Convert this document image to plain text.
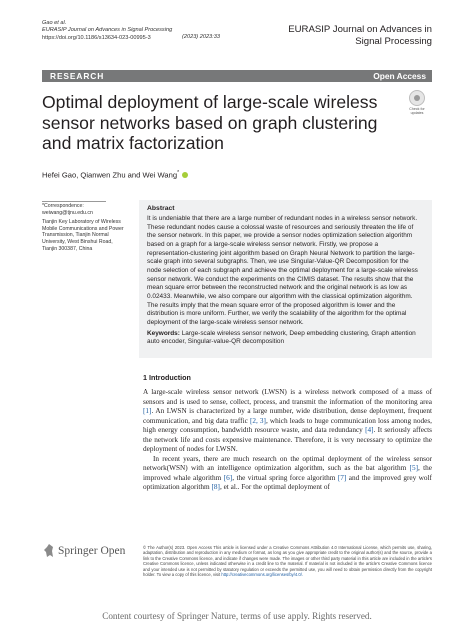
Gao et al.
EURASIP Journal on Advances in Signal Processing
https://doi.org/10.1186/s13634-023-00995-3	(2023) 2023:33
EURASIP Journal on Advances in Signal Processing
RESEARCH	Open Access
Optimal deployment of large-scale wireless sensor networks based on graph clustering and matrix factorization
Check for updates
Hefei Gao, Qianwen Zhu and Wei Wang*
*Correspondence:
weiwang@tjnu.edu.cn
Tianjin Key Laboratory of Wireless Mobile Communications and Power Transmission, Tianjin Normal University, West Binshui Road, Tianjin 300387, China
Abstract
It is undeniable that there are a large number of redundant nodes in a wireless sensor network. These redundant nodes cause a colossal waste of resources and seriously threaten the life of the sensor network. In this paper, we provide a sensor nodes optimization selection algorithm based on a graph for a large-scale wireless sensor network. Firstly, we propose a representation-clustering joint algorithm based on Graph Neural Network to partition the large-scale graph into several subgraphs. Then, we use Singular-Value-QR Decomposition for the node selection of each subgraph and achieve the optimal deployment for a large-scale wireless sensor network. We conduct the experiments on the CIMIS dataset. The results show that the mean square error between the reconstructed network and the original network is as low as 0.02433. Meanwhile, we also compare our algorithm with the classical optimization algorithm. The results imply that the mean square error of the proposed algorithm is lower and the distribution is more uniform. Further, we verify the scalability of the algorithm for the optimal deployment of the large-scale wireless sensor network.
Keywords: Large-scale wireless sensor network, Deep embedding clustering, Graph attention auto encoder, Singular-value-QR decomposition
1 Introduction

A large-scale wireless sensor network (LWSN) is a wireless network composed of a mass of sensors and is used to sense, collect, process, and transmit the information of the monitoring area [1]. An LWSN is characterized by a large number, wide distribution, dense deployment, frequent communication, and big data traffic [2, 3], which leads to huge communication loss among nodes, high energy consumption, bandwidth resource waste, and data redundancy [4]. It seriously affects the network life and costs expensive maintenance. Therefore, it is very necessary to optimize the deployment of nodes for LWSN.

In recent years, there are much research on the optimal deployment of the wireless sensor network(WSN) with an intelligence optimization algorithm, such as the bat algorithm [5], the improved whale algorithm [6], the virtual spring force algorithm [7] and the improved grey wolf optimization algorithm [8], et al.. For the optimal deployment of

Springer Open	© The Author(s) 2023. Open Access This article is licensed under a Creative Commons Attribution 4.0 International License, which permits use, sharing, adaptation, distribution and reproduction in any medium or format, as long as you give appropriate credit to the original author(s) and the source, provide a link to the Creative Commons licence, and indicate if changes were made. The images or other third party material in this article are included in the article's Creative Commons licence, unless indicated otherwise in a credit line to the material. If material is not included in the article's Creative Commons licence and your intended use is not permitted by statutory regulation or exceeds the permitted use, you will need to obtain permission directly from the copyright holder. To view a copy of this licence, visit http://creativecommons.org/licenses/by/4.0/.
Content courtesy of Springer Nature, terms of use apply. Rights reserved.
